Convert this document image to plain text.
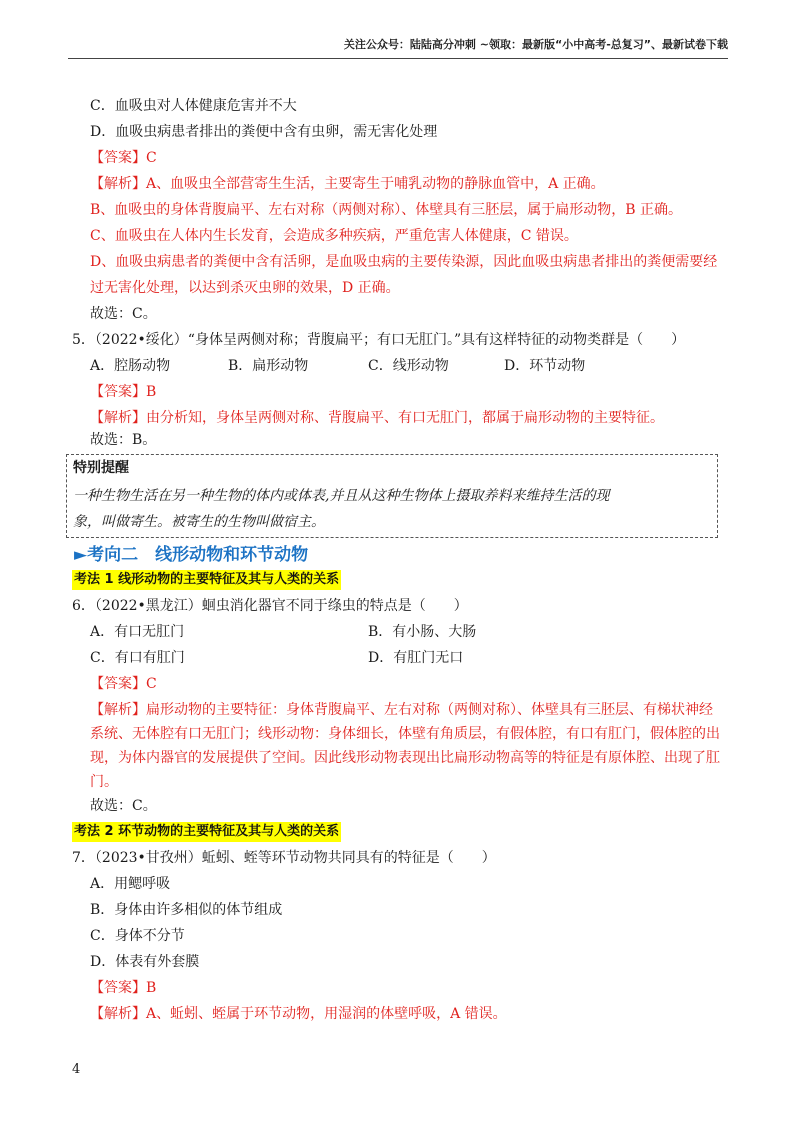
关注公众号：陆陆高分冲刺 ~领取：最新版“小中高考-总复习”、最新试卷下载
C．血吸虫对人体健康危害并不大
D．血吸虫病患者排出的粪便中含有虫卵，需无害化处理
【答案】C
【解析】A、血吸虫全部营寄生生活，主要寄生于哺乳动物的静脉血管中，A 正确。
B、血吸虫的身体背腹扁平、左右对称（两侧对称）、体壁具有三胚层，属于扁形动物，B 正确。
C、血吸虫在人体内生长发育，会造成多种疾病，严重危害人体健康，C 错误。
D、血吸虫病患者的粪便中含有活卵，是血吸虫病的主要传染源，因此血吸虫病患者排出的粪便需要经
过无害化处理，以达到杀灭虫卵的效果，D 正确。
故选：C。
5．（2022•绥化）“身体呈两侧对称；背腹扁平；有口无肛门。”具有这样特征的动物类群是（　　）
A．腔肠动物	B．扁形动物	C．线形动物	D．环节动物
【答案】B
【解析】由分析知，身体呈两侧对称、背腹扁平、有口无肛门，都属于扁形动物的主要特征。
故选：B。
特别提醒
一种生物生活在另一种生物的体内或体表,并且从这种生物体上摄取养料来维持生活的现
象，叫做寄生。被寄生的生物叫做宿主。
►考向二　线形动物和环节动物
考法 1 线形动物的主要特征及其与人类的关系
6．（2022•黑龙江）蛔虫消化器官不同于绦虫的特点是（　　）
A．有口无肛门	B．有小肠、大肠
C．有口有肛门	D．有肛门无口
【答案】C
【解析】扁形动物的主要特征：身体背腹扁平、左右对称（两侧对称）、体壁具有三胚层、有梯状神经
系统、无体腔有口无肛门；线形动物：身体细长，体壁有角质层，有假体腔，有口有肛门，假体腔的出
现，为体内器官的发展提供了空间。因此线形动物表现出比扁形动物高等的特征是有原体腔、出现了肛
门。
故选：C。
考法 2 环节动物的主要特征及其与人类的关系
7．（2023•甘孜州）蚯蚓、蛭等环节动物共同具有的特征是（　　）
A．用鳃呼吸
B．身体由许多相似的体节组成
C．身体不分节
D．体表有外套膜
【答案】B
【解析】A、蚯蚓、蛭属于环节动物，用湿润的体壁呼吸，A 错误。
4
